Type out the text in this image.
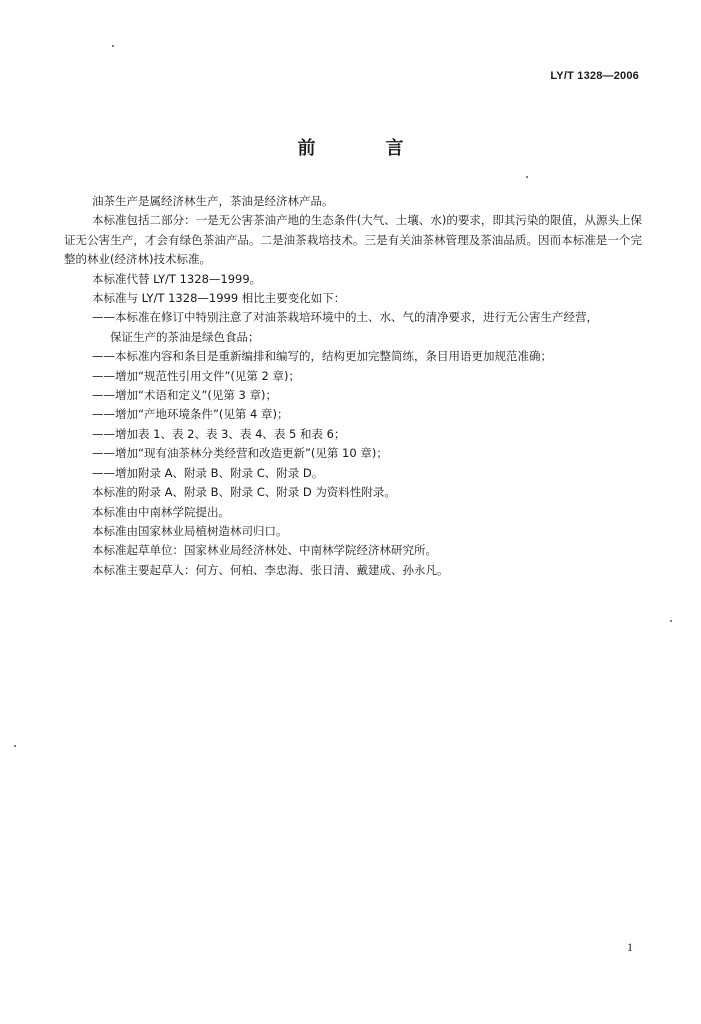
LY/T 1328—2006
前　言

油茶生产是属经济林生产，茶油是经济林产品。

本标准包括二部分：一是无公害茶油产地的生态条件(大气、土壤、水)的要求，即其污染的限值，从源头上保证无公害生产，才会有绿色茶油产品。二是油茶栽培技术。三是有关油茶林管理及茶油品质。因而本标准是一个完整的林业(经济林)技术标准。

本标准代替 LY/T 1328—1999。

本标准与 LY/T 1328—1999 相比主要变化如下：

——本标准在修订中特别注意了对油茶栽培环境中的土、水、气的清净要求，进行无公害生产经营，

保证生产的茶油是绿色食品；

——本标准内容和条目是重新编排和编写的，结构更加完整简练，条目用语更加规范准确；

——增加“规范性引用文件”(见第 2 章)；

——增加“术语和定义”(见第 3 章)；

——增加“产地环境条件”(见第 4 章)；

——增加表 1、表 2、表 3、表 4、表 5 和表 6；

——增加“现有油茶林分类经营和改造更新”(见第 10 章)；

——增加附录 A、附录 B、附录 C、附录 D。

本标准的附录 A、附录 B、附录 C、附录 D 为资料性附录。

本标准由中南林学院提出。

本标准由国家林业局植树造林司归口。

本标准起草单位：国家林业局经济林处、中南林学院经济林研究所。

本标准主要起草人：何方、何柏、李忠海、张日清、戴建成、孙永凡。

1
